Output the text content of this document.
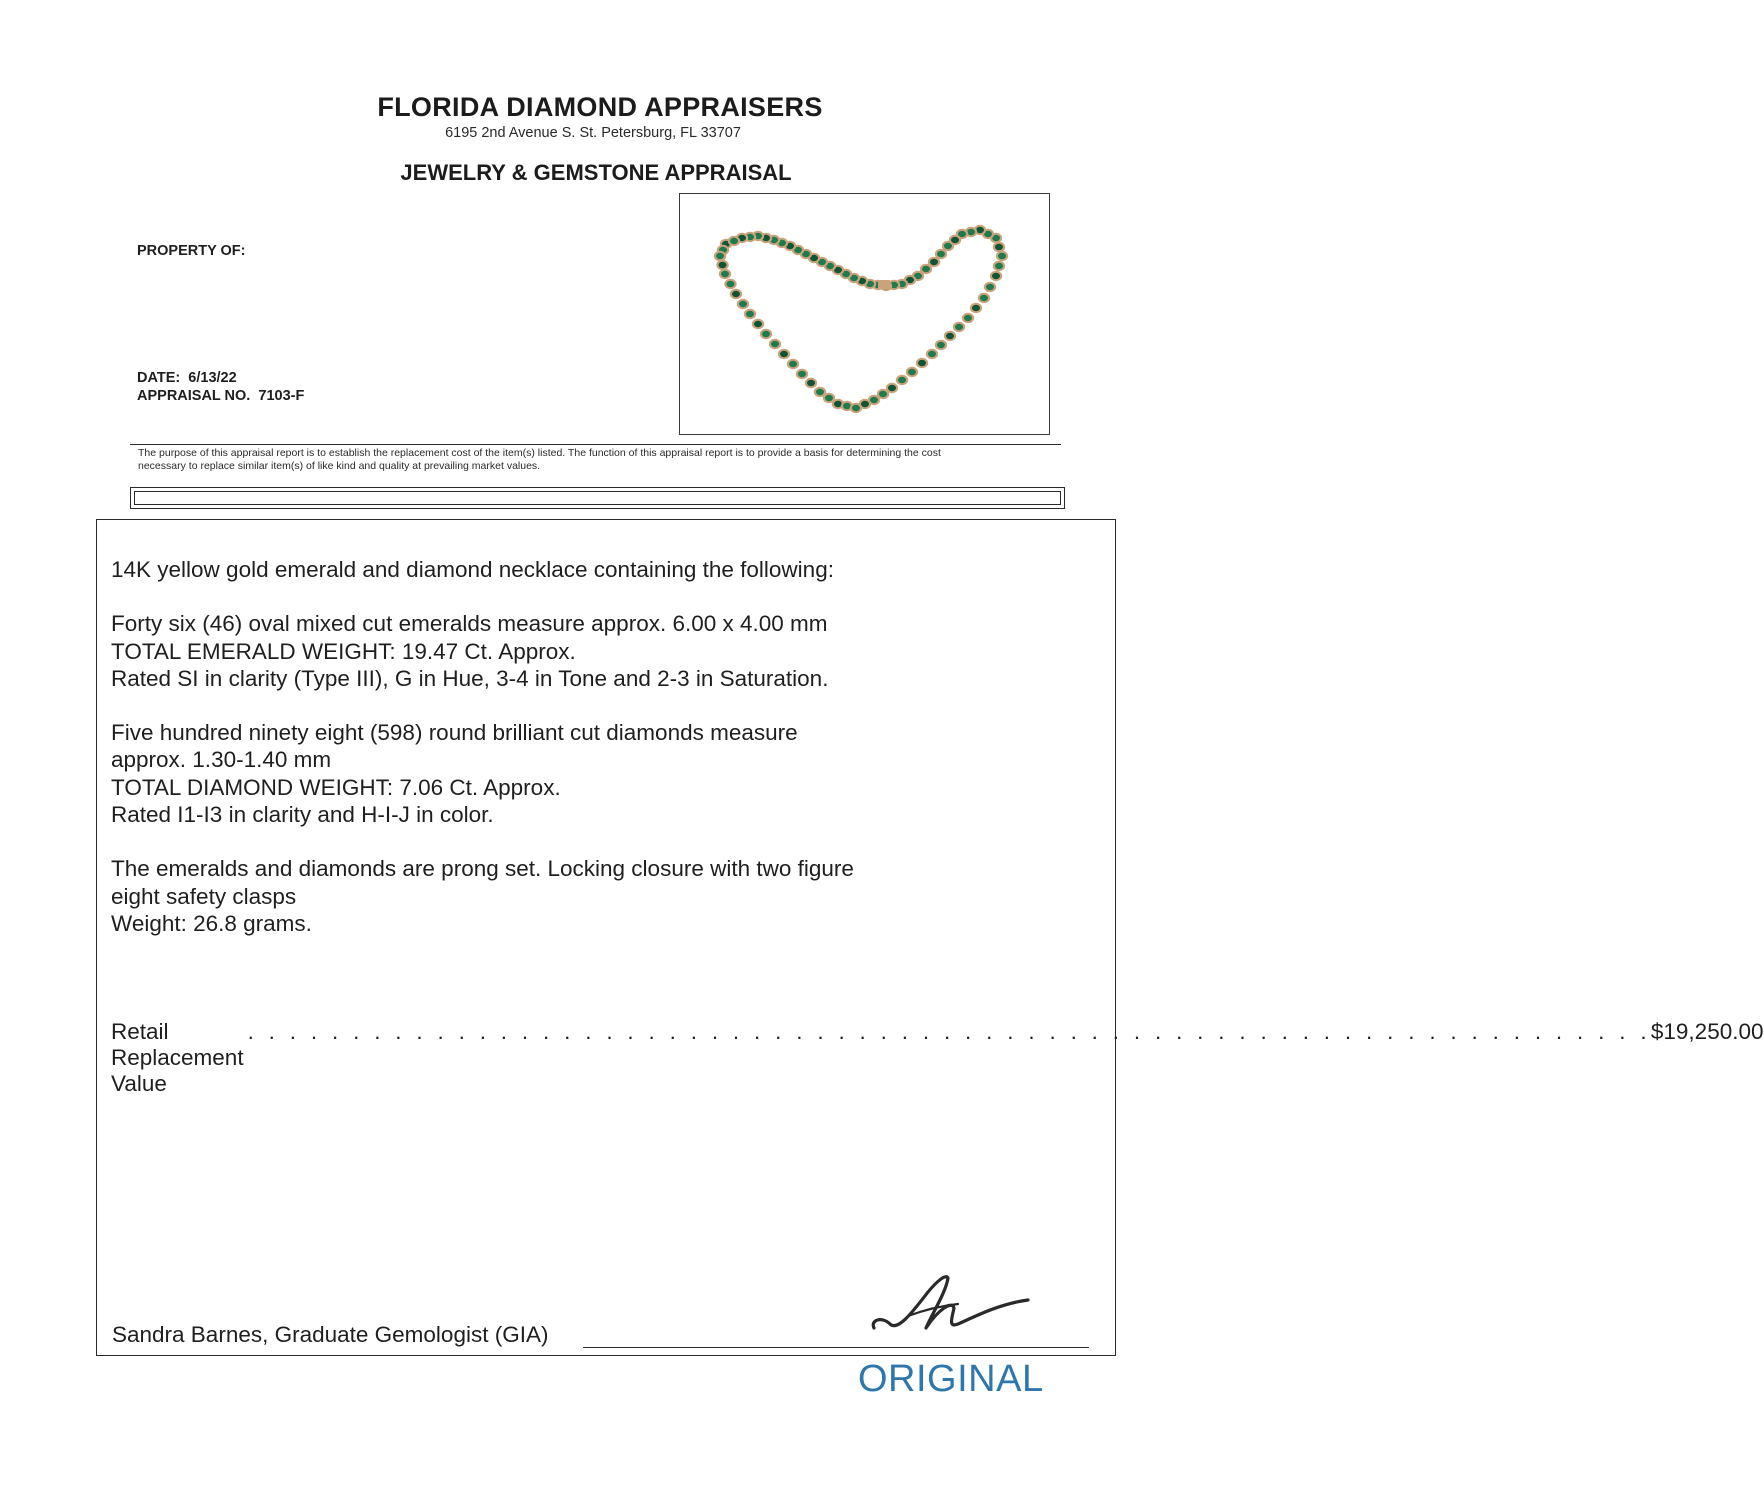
FLORIDA DIAMOND APPRAISERS
6195 2nd Avenue S. St. Petersburg, FL 33707
JEWELRY & GEMSTONE APPRAISAL
PROPERTY OF:
DATE: 6/13/22
APPRAISAL NO. 7103-F
The purpose of this appraisal report is to establish the replacement cost of the item(s) listed. The function of this appraisal report is to provide a basis for determining the cost
necessary to replace similar item(s) of like kind and quality at prevailing market values.

14K yellow gold emerald and diamond necklace containing the following:

Forty six (46) oval mixed cut emeralds measure approx. 6.00 x 4.00 mm

TOTAL EMERALD WEIGHT: 19.47 Ct. Approx.

Rated SI in clarity (Type III), G in Hue, 3-4 in Tone and 2-3 in Saturation.

Five hundred ninety eight (598) round brilliant cut diamonds measure

approx. 1.30-1.40 mm

TOTAL DIAMOND WEIGHT: 7.06 Ct. Approx.

Rated I1-I3 in clarity and H-I-J in color.

The emeralds and diamonds are prong set. Locking closure with two figure

eight safety clasps

Weight: 26.8 grams.

Retail Replacement Value
. . . . . . . . . . . . . . . . . . . . . . . . . . . . . . . . . . . . . . . . . . . . . . . . . . . . . . . . . . . . . . . . . . . $19,250.00
Sandra Barnes, Graduate Gemologist (GIA)
ORIGINAL
